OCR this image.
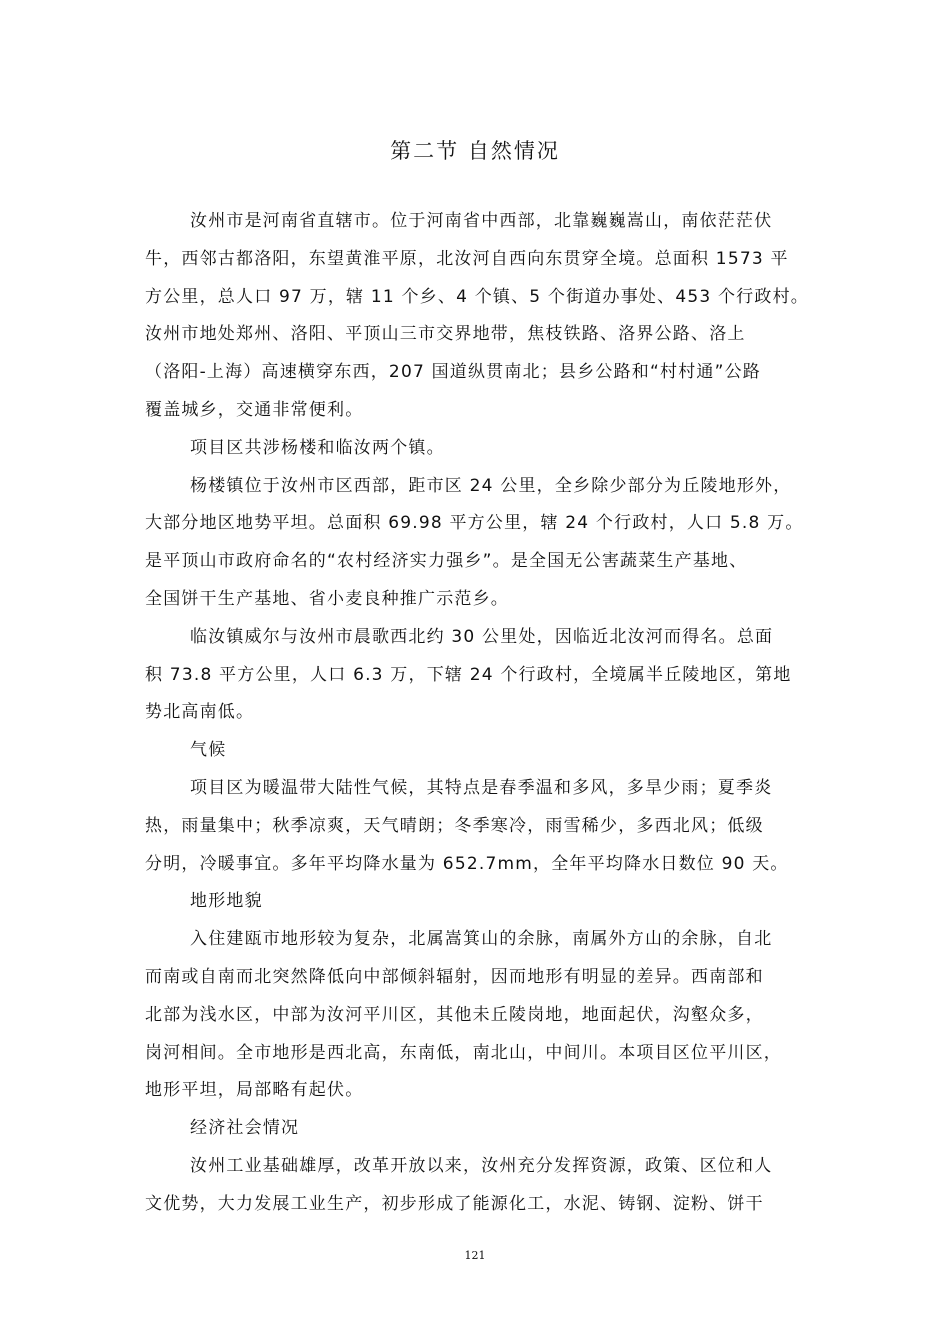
第二节 自然情况
汝州市是河南省直辖市。位于河南省中西部，北靠巍巍嵩山，南依茫茫伏
牛，西邻古都洛阳，东望黄淮平原，北汝河自西向东贯穿全境。总面积 1573 平
方公里，总人口 97 万，辖 11 个乡、4 个镇、5 个街道办事处、453 个行政村。
汝州市地处郑州、洛阳、平顶山三市交界地带，焦枝铁路、洛界公路、洛上
（洛阳-上海）高速横穿东西，207 国道纵贯南北；县乡公路和“村村通”公路
覆盖城乡，交通非常便利。
项目区共涉杨楼和临汝两个镇。
杨楼镇位于汝州市区西部，距市区 24 公里，全乡除少部分为丘陵地形外，
大部分地区地势平坦。总面积 69.98 平方公里，辖 24 个行政村，人口 5.8 万。
是平顶山市政府命名的“农村经济实力强乡”。是全国无公害蔬菜生产基地、
全国饼干生产基地、省小麦良种推广示范乡。
临汝镇威尔与汝州市晨歌西北约 30 公里处，因临近北汝河而得名。总面
积 73.8 平方公里，人口 6.3 万，下辖 24 个行政村，全境属半丘陵地区，第地
势北高南低。
气候
项目区为暖温带大陆性气候，其特点是春季温和多风，多旱少雨；夏季炎
热，雨量集中；秋季凉爽，天气晴朗；冬季寒冷，雨雪稀少，多西北风；低级
分明，冷暖事宜。多年平均降水量为 652.7mm，全年平均降水日数位 90 天。
地形地貌
入住建瓯市地形较为复杂，北属嵩箕山的余脉，南属外方山的余脉，自北
而南或自南而北突然降低向中部倾斜辐射，因而地形有明显的差异。西南部和
北部为浅水区，中部为汝河平川区，其他未丘陵岗地，地面起伏，沟壑众多，
岗河相间。全市地形是西北高，东南低，南北山，中间川。本项目区位平川区，
地形平坦，局部略有起伏。
经济社会情况
汝州工业基础雄厚，改革开放以来，汝州充分发挥资源，政策、区位和人
文优势，大力发展工业生产，初步形成了能源化工，水泥、铸钢、淀粉、饼干
121
